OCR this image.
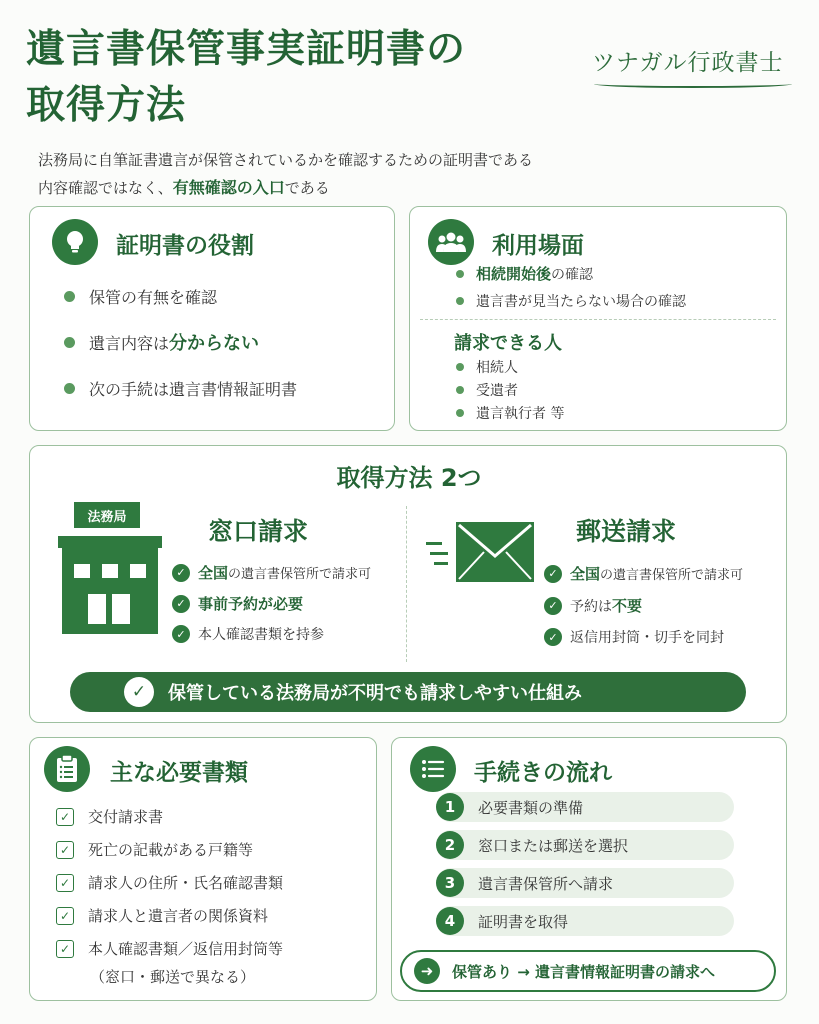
遺言書保管事実証明書の
取得方法
ツナガル行政書士
法務局に自筆証書遺言が保管されているかを確認するための証明書である
内容確認ではなく、有無確認の入口である
証明書の役割
保管の有無を確認
遺言内容は 分からない
次の手続は遺言書情報証明書
利用場面
相続開始後 の確認
遺言書が見当たらない場合の確認
請求できる人
相続人
受遺者
遺言執行者 等
取得方法 2つ
法務局	窓口請求
✓ 全国 の遺言書保管所で請求可
✓ 事前予約が必要
✓ 本人確認書類を持参
郵送請求
✓ 全国 の遺言書保管所で請求可
✓ 予約は 不要
✓ 返信用封筒・切手を同封
✓	保管している法務局が不明でも請求しやすい仕組み
主な必要書類
✓ 交付請求書
✓ 死亡の記載がある戸籍等
✓ 請求人の住所・氏名確認書類
✓ 請求人と遺言者の関係資料
✓ 本人確認書類／返信用封筒等
（窓口・郵送で異なる）
手続きの流れ
1	必要書類の準備
2	窓口または郵送を選択
3	遺言書保管所へ請求
4	証明書を取得
➜	保管あり → 遺言書情報証明書の請求へ
